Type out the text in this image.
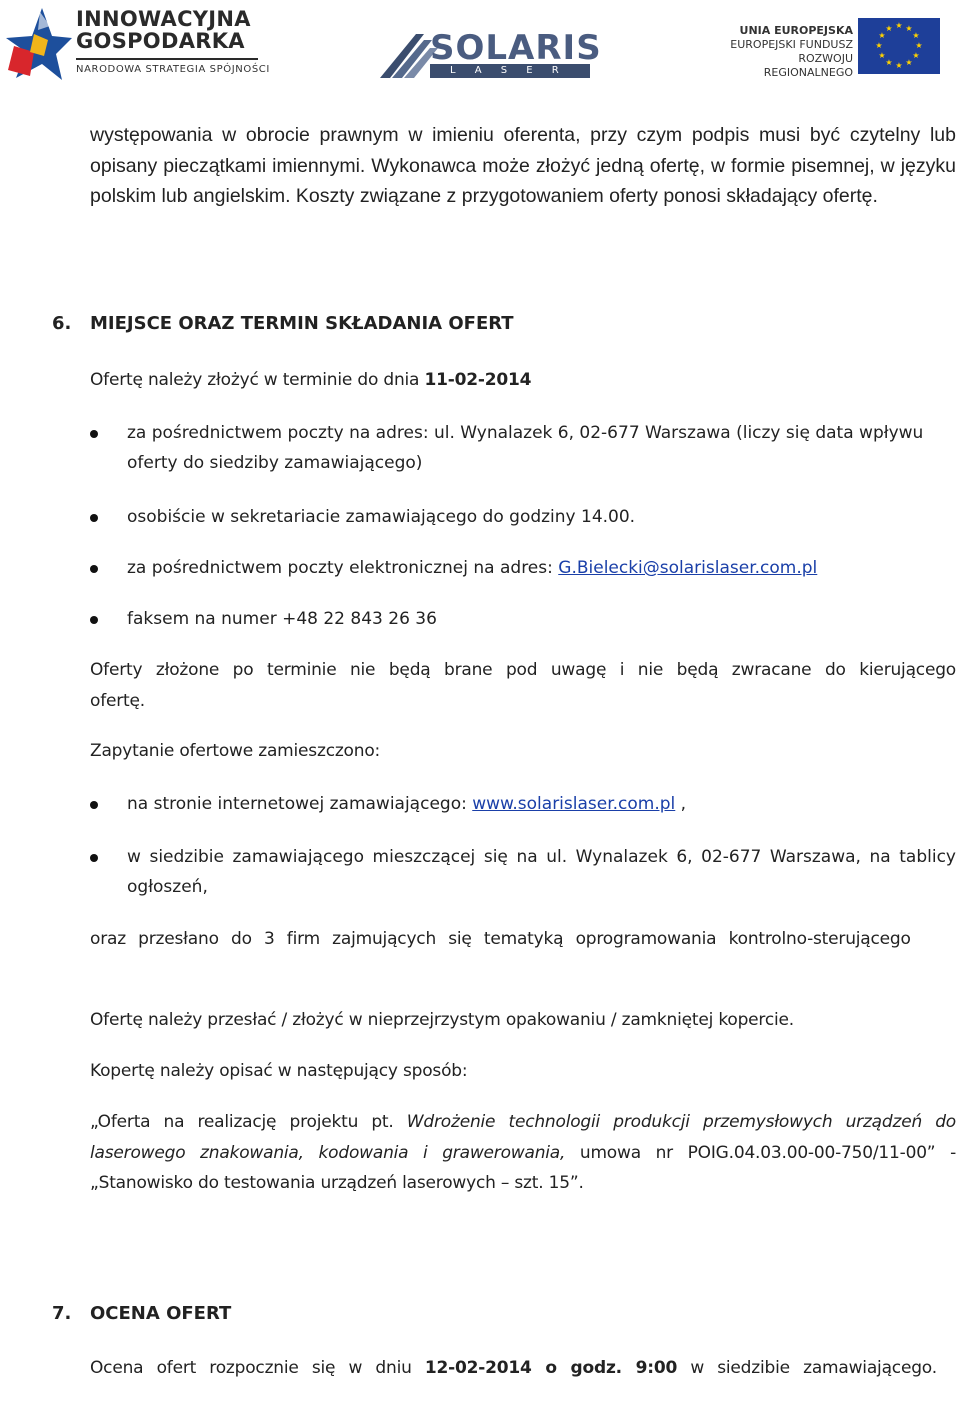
INNOWACYJNA
GOSPODARKA
NARODOWA STRATEGIA SPÓJNOŚCI
SOLARIS
L A S E R
UNIA EUROPEJSKA
EUROPEJSKI FUNDUSZ
ROZWOJU REGIONALNEGO
★ ★
★
★
★
★
★
★
★
★
★
★

występowania w obrocie prawnym w imieniu oferenta, przy czym podpis musi być czytelny lub opisany pieczątkami imiennymi. Wykonawca może złożyć jedną ofertę, w formie pisemnej, w języku polskim lub angielskim. Koszty związane z przygotowaniem oferty ponosi składający ofertę.

6. MIEJSCE ORAZ TERMIN SKŁADANIA OFERT
Ofertę należy złożyć w terminie do dnia 11-02-2014
za pośrednictwem poczty na adres: ul. Wynalazek 6, 02-677 Warszawa (liczy się data wpływu oferty do siedziby zamawiającego)
osobiście w sekretariacie zamawiającego do godziny 14.00.
za pośrednictwem poczty elektronicznej na adres: G.Bielecki@solarislaser.com.pl
faksem na numer +48 22 843 26 36
Oferty złożone po terminie nie będą brane pod uwagę i nie będą zwracane do kierującego ofertę.
Zapytanie ofertowe zamieszczono:
na stronie internetowej zamawiającego: www.solarislaser.com.pl ,
w siedzibie zamawiającego mieszczącej się na ul. Wynalazek 6, 02-677 Warszawa, na tablicy ogłoszeń,
oraz przesłano do 3 firm zajmujących się tematyką oprogramowania kontrolno-sterującego
Ofertę należy przesłać / złożyć w nieprzejrzystym opakowaniu / zamkniętej kopercie.
Kopertę należy opisać w następujący sposób:
„Oferta na realizację projektu pt. Wdrożenie technologii produkcji przemysłowych urządzeń do laserowego znakowania, kodowania i grawerowania, umowa nr POIG.04.03.00-00-750/11-00” -„Stanowisko do testowania urządzeń laserowych – szt. 15”.
7. OCENA OFERT
Ocena ofert rozpocznie się w dniu 12-02-2014 o godz. 9:00 w siedzibie zamawiającego.
